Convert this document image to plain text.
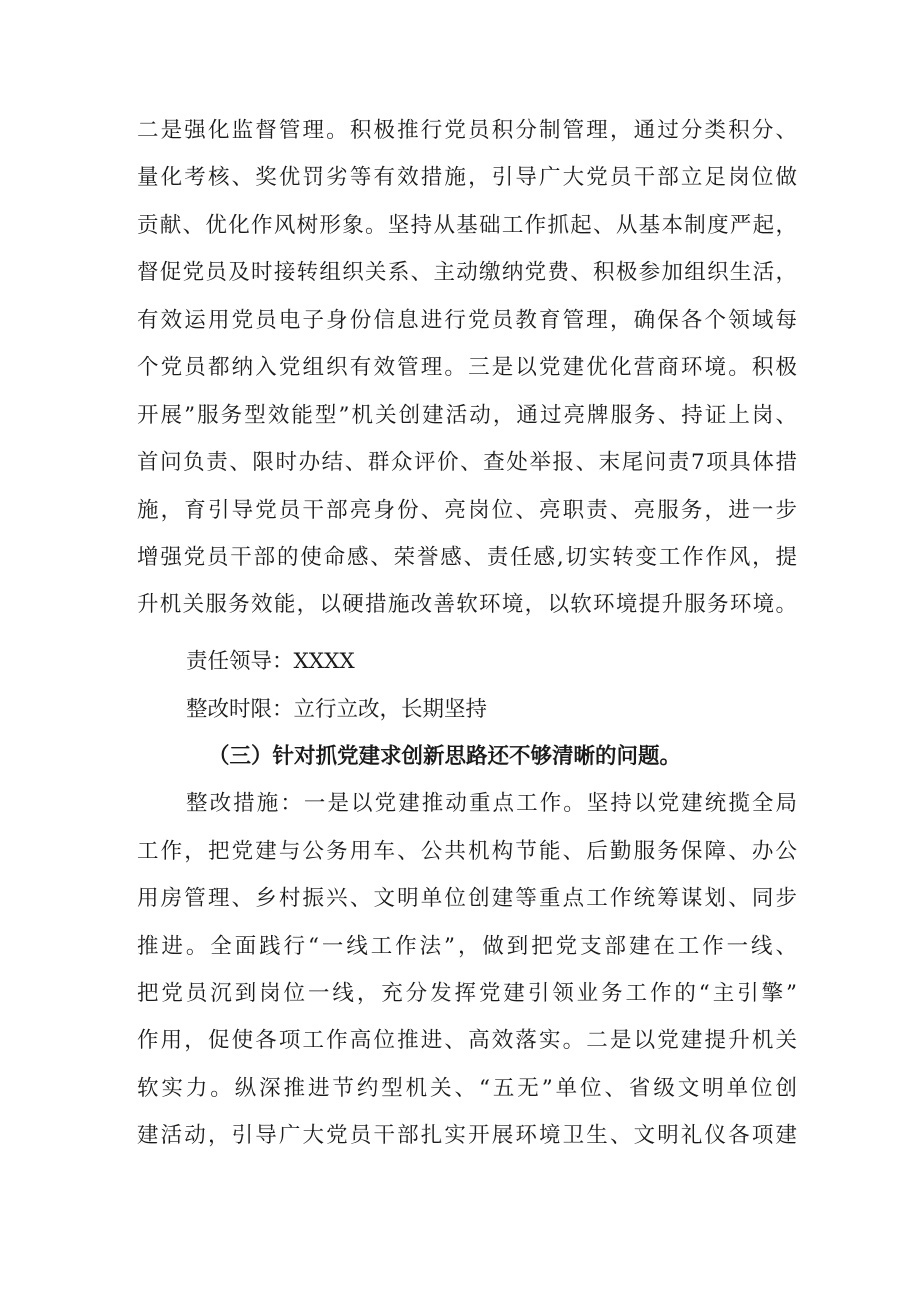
二是强化监督管理。积极推行党员积分制管理，通过分类积分、
量化考核、奖优罚劣等有效措施，引导广大党员干部立足岗位做
贡献、优化作风树形象。坚持从基础工作抓起、从基本制度严起，
督促党员及时接转组织关系、主动缴纳党费、积极参加组织生活，
有效运用党员电子身份信息进行党员教育管理，确保各个领域每
个党员都纳入党组织有效管理。三是以党建优化营商环境。积极
开展”服务型效能型”机关创建活动，通过亮牌服务、持证上岗、
首问负责、限时办结、群众评价、查处举报、末尾问责7项具体措
施，育引导党员干部亮身份、亮岗位、亮职责、亮服务，进一步
增强党员干部的使命感、荣誉感、责任感,切实转变工作作风，提
升机关服务效能，以硬措施改善软环境，以软环境提升服务环境。
责任领导：XXXX
整改时限：立行立改，长期坚持
（三）针对抓党建求创新思路还不够清晰的问题。
整改措施：一是以党建推动重点工作。坚持以党建统揽全局
工作，把党建与公务用车、公共机构节能、后勤服务保障、办公
用房管理、乡村振兴、文明单位创建等重点工作统筹谋划、同步
推进。全面践行“一线工作法”，做到把党支部建在工作一线、
把党员沉到岗位一线，充分发挥党建引领业务工作的“主引擎”
作用，促使各项工作高位推进、高效落实。二是以党建提升机关
软实力。纵深推进节约型机关、“五无”单位、省级文明单位创
建活动，引导广大党员干部扎实开展环境卫生、文明礼仪各项建
